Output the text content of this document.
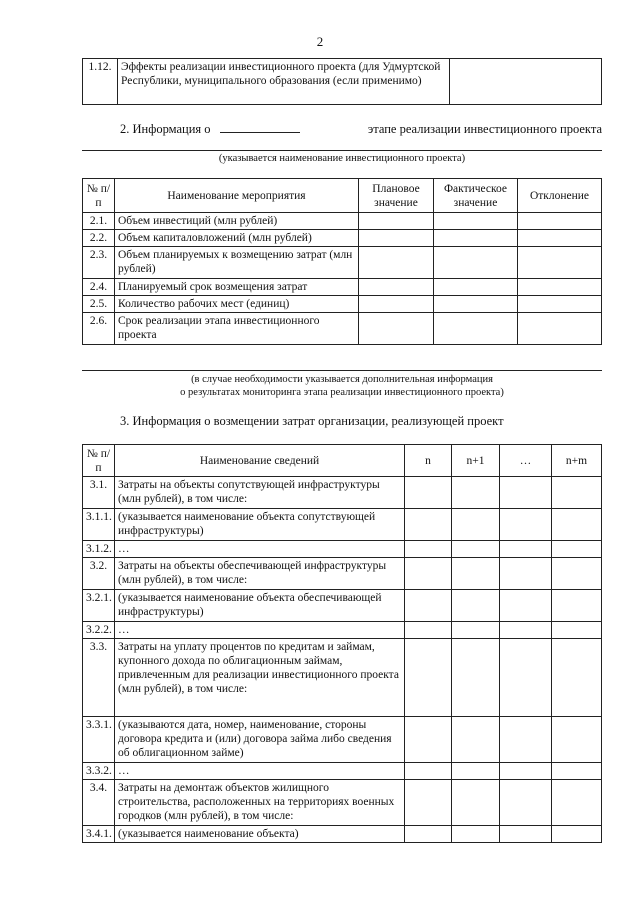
2
1.12.	Эффекты реализации инвестиционного проекта (для Удмуртской Республики, муниципального образования (если применимо)	
2. Информация о	этапе реализации инвестиционного проекта
(указывается наименование инвестиционного проекта)
№ п/п	Наименование мероприятия	Плановое значение	Фактическое значение	Отклонение
2.1.	Объем инвестиций (млн рублей)			
2.2.	Объем капиталовложений (млн рублей)			
2.3.	Объем планируемых к возмещению затрат (млн рублей)			
2.4.	Планируемый срок возмещения затрат			
2.5.	Количество рабочих мест (единиц)			
2.6.	Срок реализации этапа инвестиционного проекта			
(в случае необходимости указывается дополнительная информация
о результатах мониторинга этапа реализации инвестиционного проекта)
3. Информация о возмещении затрат организации, реализующей проект
№ п/п	Наименование сведений	n	n+1	…	n+m
3.1.	Затраты на объекты сопутствующей инфраструктуры (млн рублей), в том числе:				
3.1.1.	(указывается наименование объекта сопутствующей инфраструктуры)				
3.1.2.	…				
3.2.	Затраты на объекты обеспечивающей инфраструктуры (млн рублей), в том числе:				
3.2.1.	(указывается наименование объекта обеспечивающей инфраструктуры)				
3.2.2.	…				
3.3.	Затраты на уплату процентов по кредитам и займам, купонного дохода по облигационным займам, привлеченным для реализации инвестиционного проекта (млн рублей), в том числе:				
3.3.1.	(указываются дата, номер, наименование, стороны договора кредита и (или) договора займа либо сведения об облигационном займе)				
3.3.2.	…				
3.4.	Затраты на демонтаж объектов жилищного строительства, расположенных на территориях военных городков (млн рублей), в том числе:				
3.4.1.	(указывается наименование объекта)				
